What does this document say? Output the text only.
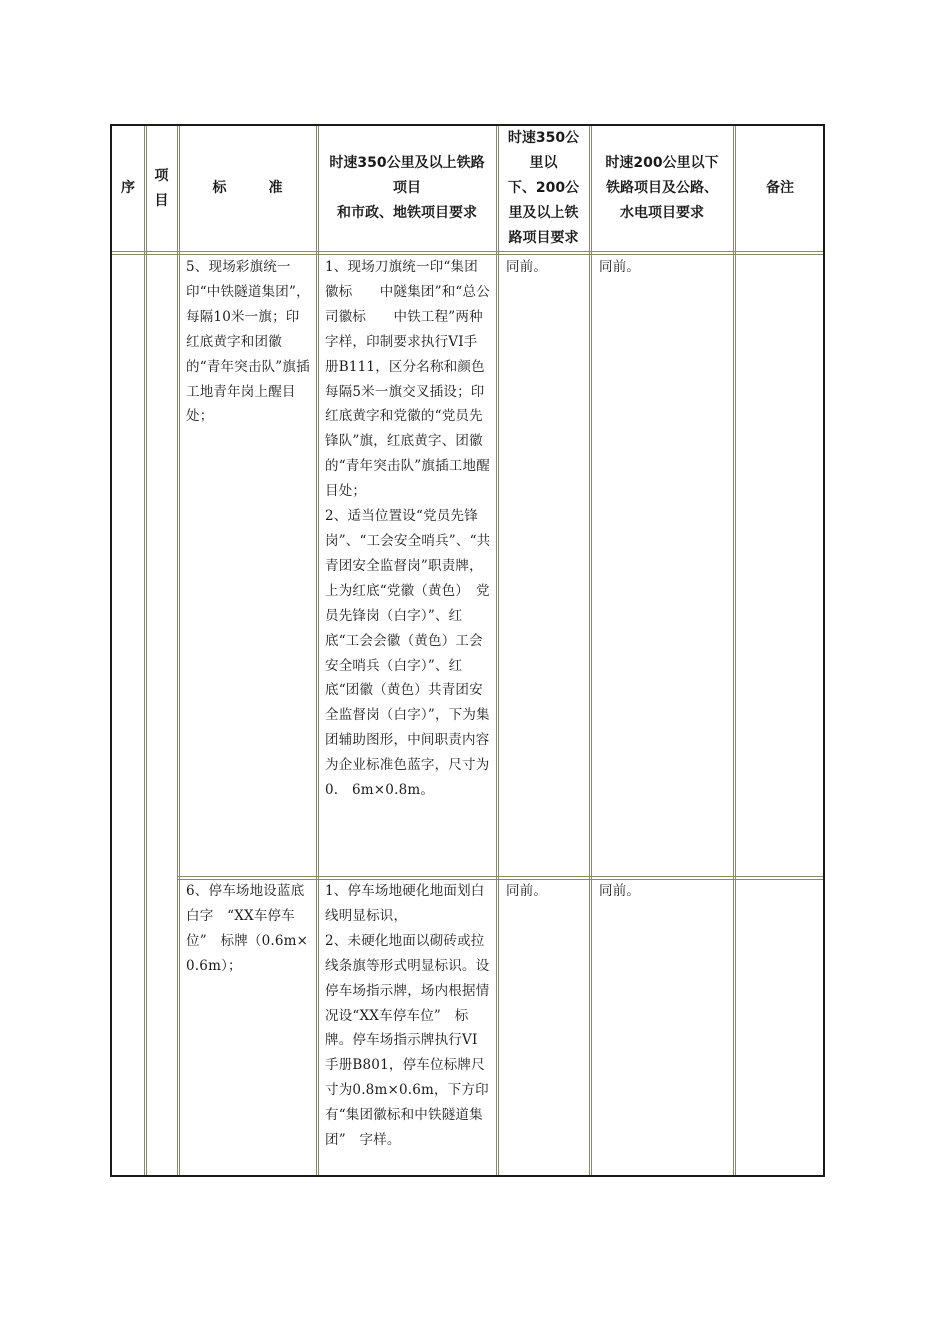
序
项
目
标　　　准
时速350公里及以上铁路项目
和市政、地铁项目要求
时速350公
里以
下、200公
里及以上铁
路项目要求
时速200公里以下
铁路项目及公路、
水电项目要求
备注
5、现场彩旗统一印“中铁隧道集团”，每隔10米一旗；印红底黄字和团徽的“青年突击队”旗插工地青年岗上醒目处；
1、现场刀旗统一印“集团徽标　　中隧集团”和“总公司徽标　　中铁工程”两种字样，印制要求执行VI手册B111，区分名称和颜色每隔5米一旗交叉插设；印红底黄字和党徽的“党员先锋队”旗，红底黄字、团徽的“青年突击队”旗插工地醒目处；
2、适当位置设“党员先锋岗”、“工会安全哨兵”、“共青团安全监督岗”职责牌，上为红底“党徽（黄色）　党员先锋岗（白字）”、红底“工会会徽（黄色）工会安全哨兵（白字）”、红底“团徽（黄色）共青团安全监督岗（白字）”，下为集团辅助图形，中间职责内容为企业标准色蓝字，尺寸为0.　6m×0.8m。
同前。	同前。
6、停车场地设蓝底白字　“XX车停车位”　标牌（0.6m×0.6m）；
1、停车场地硬化地面划白线明显标识，
2、未硬化地面以砌砖或拉线条旗等形式明显标识。设停车场指示牌，场内根据情况设“XX车停车位”　标牌。停车场指示牌执行VI手册B801，停车位标牌尺寸为0.8m×0.6m，下方印有“集团徽标和中铁隧道集团”　字样。
同前。	同前。
